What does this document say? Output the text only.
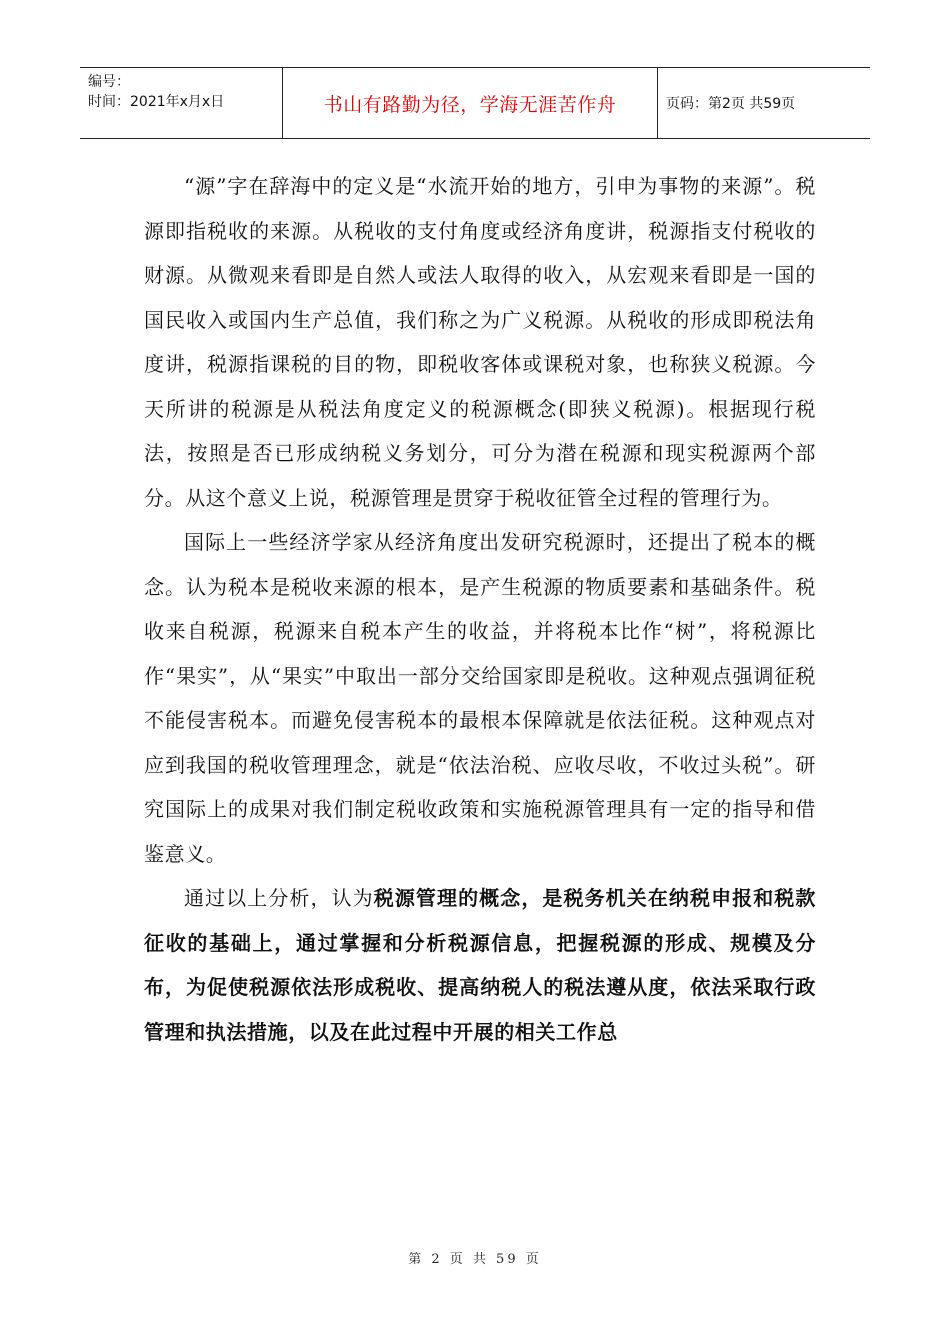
编号：
时间：2021年x月x日	书山有路勤为径，学海无涯苦作舟	页码：第2页 共59页

“源”字在辞海中的定义是“水流开始的地方，引申为事物的来源”。税源即指税收的来源。从税收的支付角度或经济角度讲，税源指支付税收的财源。从微观来看即是自然人或法人取得的收入，从宏观来看即是一国的国民收入或国内生产总值，我们称之为广义税源。从税收的形成即税法角度讲，税源指课税的目的物，即税收客体或课税对象，也称狭义税源。今天所讲的税源是从税法角度定义的税源概念(即狭义税源)。根据现行税法，按照是否已形成纳税义务划分，可分为潜在税源和现实税源两个部分。从这个意义上说，税源管理是贯穿于税收征管全过程的管理行为。

国际上一些经济学家从经济角度出发研究税源时，还提出了税本的概念。认为税本是税收来源的根本，是产生税源的物质要素和基础条件。税收来自税源，税源来自税本产生的收益，并将税本比作“树”，将税源比作“果实”，从“果实”中取出一部分交给国家即是税收。这种观点强调征税不能侵害税本。而避免侵害税本的最根本保障就是依法征税。这种观点对应到我国的税收管理理念，就是“依法治税、应收尽收，不收过头税”。研究国际上的成果对我们制定税收政策和实施税源管理具有一定的指导和借鉴意义。

通过以上分析，认为税源管理的概念，是税务机关在纳税申报和税款征收的基础上，通过掌握和分析税源信息，把握税源的形成、规模及分布，为促使税源依法形成税收、提高纳税人的税法遵从度，依法采取行政管理和执法措施，以及在此过程中开展的相关工作总

第 2 页 共 59 页
